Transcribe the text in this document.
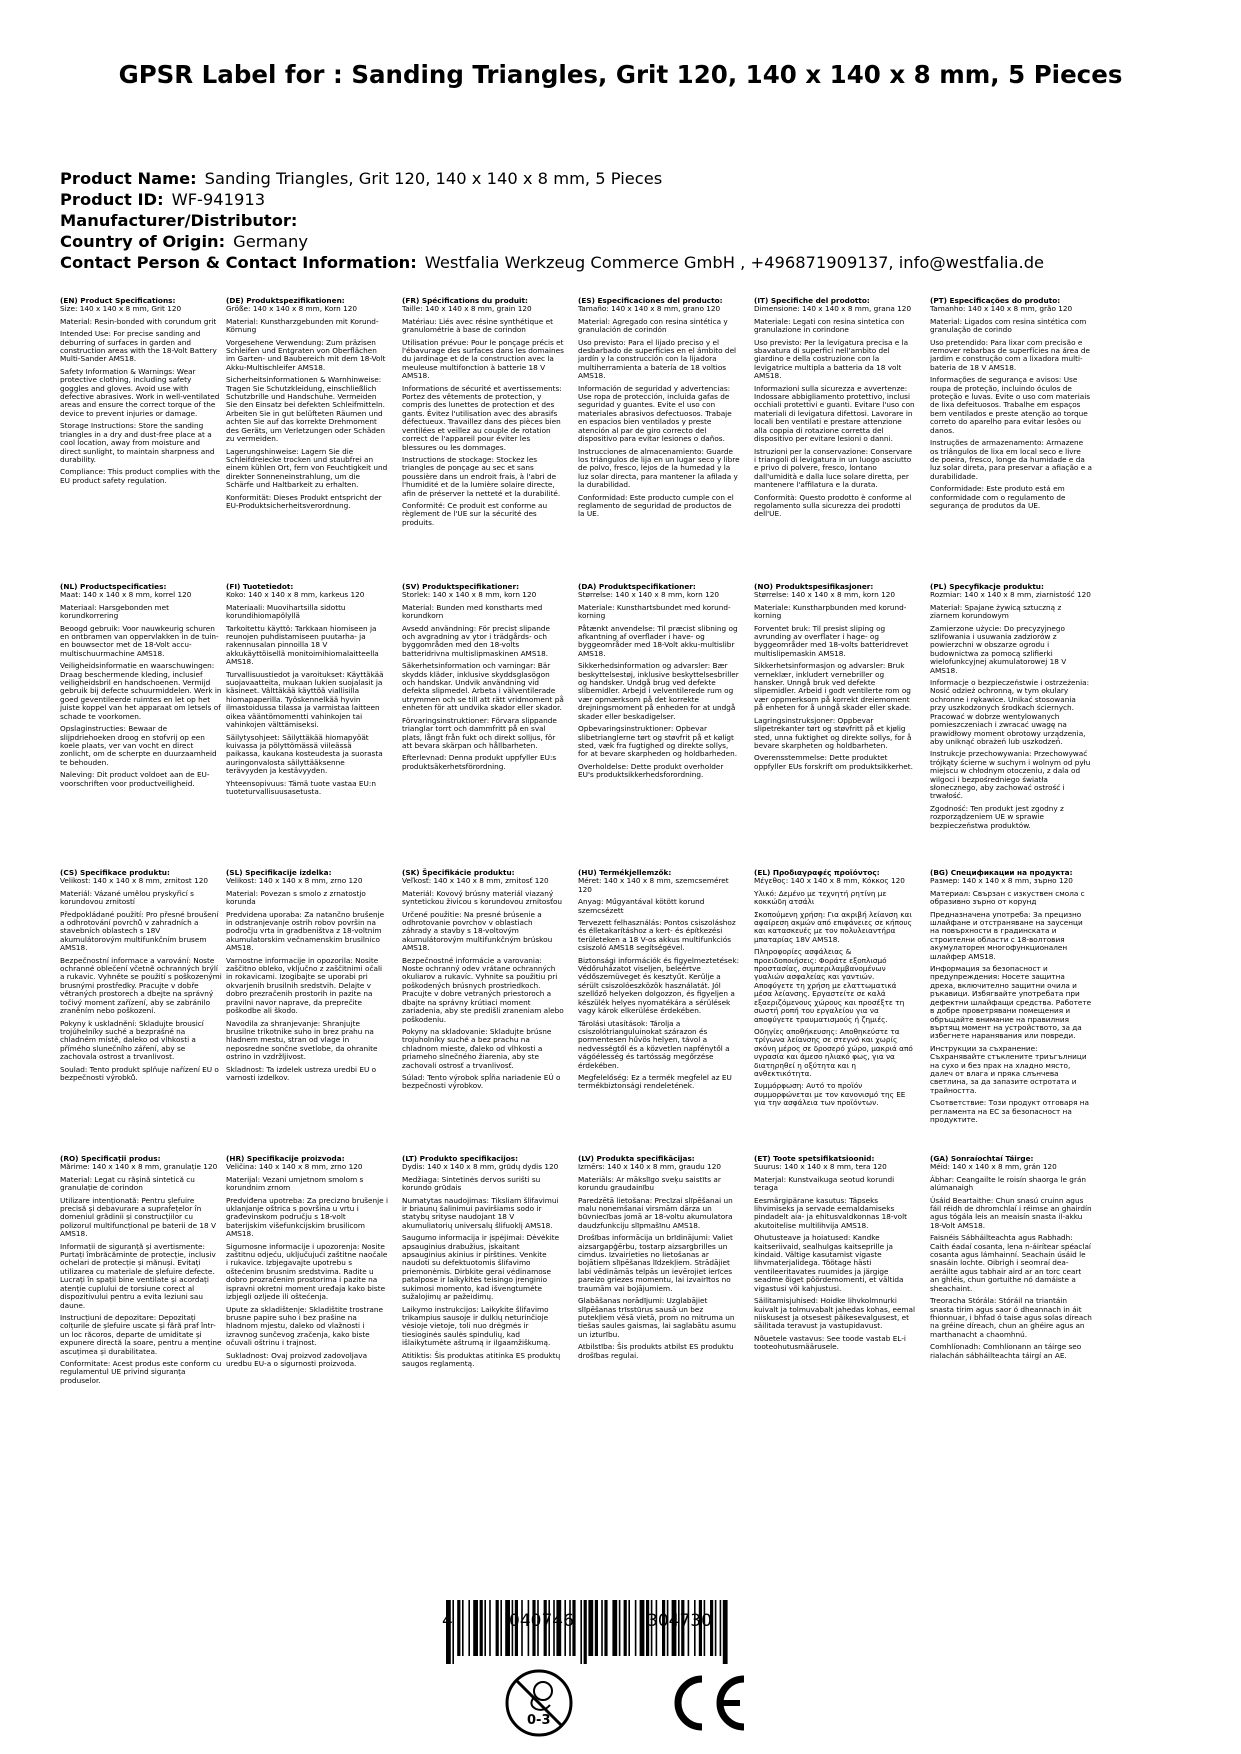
GPSR Label for : Sanding Triangles, Grit 120, 140 x 140 x 8 mm, 5 Pieces
Product Name: Sanding Triangles, Grit 120, 140 x 140 x 8 mm, 5 Pieces
Product ID: WF-941913
Manufacturer/Distributor:
Country of Origin: Germany
Contact Person & Contact Information: Westfalia Werkzeug Commerce GmbH , +496871909137, info@westfalia.de
(EN) Product Specifications:

Size: 140 x 140 x 8 mm, Grit 120

Material: Resin-bonded with corundum grit

Intended Use: For precise sanding and deburring of surfaces in garden and construction areas with the 18-Volt Battery Multi-Sander AMS18.

Safety Information & Warnings: Wear protective clothing, including safety goggles and gloves. Avoid use with defective abrasives. Work in well-ventilated areas and ensure the correct torque of the device to prevent injuries or damage.

Storage Instructions: Store the sanding triangles in a dry and dust-free place at a cool location, away from moisture and direct sunlight, to maintain sharpness and durability.

Compliance: This product complies with the EU product safety regulation.

(DE) Produktspezifikationen:

Größe: 140 x 140 x 8 mm, Korn 120

Material: Kunstharzgebunden mit Korund-Körnung

Vorgesehene Verwendung: Zum präzisen Schleifen und Entgraten von Oberflächen im Garten- und Baubereich mit dem 18-Volt Akku-Multischleifer AMS18.

Sicherheitsinformationen & Warnhinweise: Tragen Sie Schutzkleidung, einschließlich Schutzbrille und Handschuhe. Vermeiden Sie den Einsatz bei defekten Schleifmitteln. Arbeiten Sie in gut belüfteten Räumen und achten Sie auf das korrekte Drehmoment des Geräts, um Verletzungen oder Schäden zu vermeiden.

Lagerungshinweise: Lagern Sie die Schleifdreiecke trocken und staubfrei an einem kühlen Ort, fern von Feuchtigkeit und direkter Sonneneinstrahlung, um die Schärfe und Haltbarkeit zu erhalten.

Konformität: Dieses Produkt entspricht der EU-Produktsicherheitsverordnung.

(FR) Spécifications du produit:

Taille: 140 x 140 x 8 mm, grain 120

Matériau: Liés avec résine synthétique et granulométrie à base de corindon

Utilisation prévue: Pour le ponçage précis et l'ébavurage des surfaces dans les domaines du jardinage et de la construction avec la meuleuse multifonction à batterie 18 V AMS18.

Informations de sécurité et avertissements: Portez des vêtements de protection, y compris des lunettes de protection et des gants. Évitez l'utilisation avec des abrasifs défectueux. Travaillez dans des pièces bien ventilées et veillez au couple de rotation correct de l'appareil pour éviter les blessures ou les dommages.

Instructions de stockage: Stockez les triangles de ponçage au sec et sans poussière dans un endroit frais, à l'abri de l'humidité et de la lumière solaire directe, afin de préserver la netteté et la durabilité.

Conformité: Ce produit est conforme au règlement de l'UE sur la sécurité des produits.

(ES) Especificaciones del producto:

Tamaño: 140 x 140 x 8 mm, grano 120

Material: Agregado con resina sintética y granulación de corindón

Uso previsto: Para el lijado preciso y el desbarbado de superficies en el ámbito del jardín y la construcción con la lijadora multiherramienta a batería de 18 voltios AMS18.

Información de seguridad y advertencias: Use ropa de protección, incluida gafas de seguridad y guantes. Evite el uso con materiales abrasivos defectuosos. Trabaje en espacios bien ventilados y preste atención al par de giro correcto del dispositivo para evitar lesiones o daños.

Instrucciones de almacenamiento: Guarde los triángulos de lija en un lugar seco y libre de polvo, fresco, lejos de la humedad y la luz solar directa, para mantener la afilada y la durabilidad.

Conformidad: Este producto cumple con el reglamento de seguridad de productos de la UE.

(IT) Specifiche del prodotto:

Dimensione: 140 x 140 x 8 mm, grana 120

Materiale: Legati con resina sintetica con granulazione in corindone

Uso previsto: Per la levigatura precisa e la sbavatura di superfici nell'ambito del giardino e della costruzione con la levigatrice multipla a batteria da 18 volt AMS18.

Informazioni sulla sicurezza e avvertenze: Indossare abbigliamento protettivo, inclusi occhiali protettivi e guanti. Evitare l'uso con materiali di levigatura difettosi. Lavorare in locali ben ventilati e prestare attenzione alla coppia di rotazione corretta del dispositivo per evitare lesioni o danni.

Istruzioni per la conservazione: Conservare i triangoli di levigatura in un luogo asciutto e privo di polvere, fresco, lontano dall'umidità e dalla luce solare diretta, per mantenere l'affilatura e la durata.

Conformità: Questo prodotto è conforme al regolamento sulla sicurezza dei prodotti dell'UE.

(PT) Especificações do produto:

Tamanho: 140 x 140 x 8 mm, grão 120

Material: Ligados com resina sintética com granulação de corindo

Uso pretendido: Para lixar com precisão e remover rebarbas de superfícies na área de jardim e construção com a lixadora multi-bateria de 18 V AMS18.

Informações de segurança e avisos: Use roupa de proteção, incluindo óculos de proteção e luvas. Evite o uso com materiais de lixa defeituosos. Trabalhe em espaços bem ventilados e preste atenção ao torque correto do aparelho para evitar lesões ou danos.

Instruções de armazenamento: Armazene os triângulos de lixa em local seco e livre de poeira, fresco, longe da humidade e da luz solar direta, para preservar a afiação e a durabilidade.

Conformidade: Este produto está em conformidade com o regulamento de segurança de produtos da UE.

(NL) Productspecificaties:

Maat: 140 x 140 x 8 mm, korrel 120

Materiaal: Harsgebonden met korundkorrering

Beoogd gebruik: Voor nauwkeurig schuren en ontbramen van oppervlakken in de tuin- en bouwsector met de 18-Volt accu-multischuurmachine AMS18.

Veiligheidsinformatie en waarschuwingen: Draag beschermende kleding, inclusief veiligheidsbril en handschoenen. Vermijd gebruik bij defecte schuurmiddelen. Werk in goed geventileerde ruimtes en let op het juiste koppel van het apparaat om letsels of schade te voorkomen.

Opslaginstructies: Bewaar de slijpdriehoeken droog en stofvrij op een koele plaats, ver van vocht en direct zonlicht, om de scherpte en duurzaamheid te behouden.

Naleving: Dit product voldoet aan de EU-voorschriften voor productveiligheid.

(FI) Tuotetiedot:

Koko: 140 x 140 x 8 mm, karkeus 120

Materiaali: Muovihartsilla sidottu korundihiomapölyllä

Tarkoitettu käyttö: Tarkkaan hiomiseen ja reunojen puhdistamiseen puutarha- ja rakennusalan pinnoilla 18 V akkukäyttöisellä monitoimihiomalaitteella AMS18.

Turvallisuustiedot ja varoitukset: Käyttäkää suojavaatteita, mukaan lukien suojalasit ja käsineet. Välttäkää käyttöä viallisilla hiomapaperilla. Työskennelkää hyvin ilmastoidussa tilassa ja varmistaa laitteen oikea vääntömomentti vahinkojen tai vahinkojen välttämiseksi.

Säilytysohjeet: Säilyttäkää hiomapyöät kuivassa ja pölyttömässä viileässä paikassa, kaukana kosteudesta ja suorasta auringonvalosta säilyttääksenne terävyyden ja kestävyyden.

Yhteensopivuus: Tämä tuote vastaa EU:n tuoteturvallisuusasetusta.

(SV) Produktspecifikationer:

Storlek: 140 x 140 x 8 mm, korn 120

Material: Bunden med konstharts med korundkorn

Avsedd användning: För precist slipande och avgradning av ytor i trädgårds- och byggområden med den 18-volts batteridrivna multislipmaskinen AMS18.

Säkerhetsinformation och varningar: Bär skydds kläder, inklusive skyddsglasögon och handskar. Undvik användning vid defekta slipmedel. Arbeta i välventilerade utrymmen och se till att rätt vridmoment på enheten för att undvika skador eller skador.

Förvaringsinstruktioner: Förvara slippande trianglar torrt och dammfritt på en sval plats, långt från fukt och direkt solljus, för att bevara skärpan och hållbarheten.

Efterlevnad: Denna produkt uppfyller EU:s produktsäkerhetsförordning.

(DA) Produktspecifikationer:

Størrelse: 140 x 140 x 8 mm, korn 120

Materiale: Kunsthartsbundet med korund-korning

Påtænkt anvendelse: Til præcist slibning og afkantning af overflader i have- og byggeområder med 18-Volt akku-multislibr AMS18.

Sikkerhedsinformation og advarsler: Bær beskyttelsestøj, inklusive beskyttelsesbriller og handsker. Undgå brug ved defekte slibemidler. Arbejd i velventilerede rum og vær opmærksom på det korrekte drejningsmoment på enheden for at undgå skader eller beskadigelser.

Opbevaringsinstruktioner: Opbevar slibetrianglerne tørt og støvfrit på et køligt sted, væk fra fugtighed og direkte sollys, for at bevare skarpheden og holdbarheden.

Overholdelse: Dette produkt overholder EU's produktsikkerhedsforordning.

(NO) Produktspesifikasjoner:

Størrelse: 140 x 140 x 8 mm, korn 120

Materiale: Kunstharpbunden med korund-korning

Forventet bruk: Til presist sliping og avrunding av overflater i hage- og byggeområder med 18-volts batteridrevet multislipemaskin AMS18.

Sikkerhetsinformasjon og advarsler: Bruk verneklær, inkludert vernebriller og hansker. Unngå bruk ved defekte slipemidler. Arbeid i godt ventilerte rom og vær oppmerksom på korrekt dreiemoment på enheten for å unngå skader eller skade.

Lagringsinstruksjoner: Oppbevar slipetrekanter tørt og støvfritt på et kjølig sted, unna fuktighet og direkte sollys, for å bevare skarpheten og holdbarheten.

Overensstemmelse: Dette produktet oppfyller EUs forskrift om produktsikkerhet.

(PL) Specyfikacje produktu:

Rozmiar: 140 x 140 x 8 mm, ziarnistość 120

Materiał: Spajane żywicą sztuczną z ziarnem korundowym

Zamierzone użycie: Do precyzyjnego szlifowania i usuwania zadziorów z powierzchni w obszarze ogrodu i budownictwa za pomocą szlifierki wielofunkcyjnej akumulatorowej 18 V AMS18.

Informacje o bezpieczeństwie i ostrzeżenia: Nosić odzież ochronną, w tym okulary ochronne i rękawice. Unikać stosowania przy uszkodzonych środkach ściernych. Pracować w dobrze wentylowanych pomieszczeniach i zwracać uwagę na prawidłowy moment obrotowy urządzenia, aby uniknąć obrażeń lub uszkodzeń.

Instrukcje przechowywania: Przechowywać trójkąty ścierne w suchym i wolnym od pyłu miejscu w chłodnym otoczeniu, z dala od wilgoci i bezpośredniego światła słonecznego, aby zachować ostrość i trwałość.

Zgodność: Ten produkt jest zgodny z rozporządzeniem UE w sprawie bezpieczeństwa produktów.

(CS) Specifikace produktu:

Velikost: 140 x 140 x 8 mm, zrnitost 120

Materiál: Vázané umělou pryskyřicí s korundovou zrnitostí

Předpokládané použití: Pro přesné broušení a odhrotování povrchů v zahradních a stavebních oblastech s 18V akumulátorovým multifunkčním brusem AMS18.

Bezpečnostní informace a varování: Noste ochranné oblečení včetně ochranných brýlí a rukavic. Vyhněte se použití s poškozenými brusnými prostředky. Pracujte v dobře větraných prostorech a dbejte na správný točivý moment zařízení, aby se zabránilo zraněním nebo poškození.

Pokyny k uskladnění: Skladujte brousicí trojúhelníky suché a bezprašné na chladném místě, daleko od vlhkosti a přímého slunečního záření, aby se zachovala ostrost a trvanlivost.

Soulad: Tento produkt splňuje nařízení EU o bezpečnosti výrobků.

(SL) Specifikacije izdelka:

Velikost: 140 x 140 x 8 mm, zrno 120

Material: Povezan s smolo z zrnatostjo korunda

Predvidena uporaba: Za natančno brušenje in odstranjevanje ostrih robov površin na področju vrta in gradbeništva z 18-voltnim akumulatorskim večnamenskim brusilnico AMS18.

Varnostne informacije in opozorila: Nosite zaščitno obleko, vključno z zaščitnimi očali in rokavicami. Izogibajte se uporabi pri okvarjenih brusilnih sredstvih. Delajte v dobro prezračenih prostorih in pazite na pravilni navor naprave, da preprečite poškodbe ali škodo.

Navodila za shranjevanje: Shranjujte brusilne trikotnike suho in brez prahu na hladnem mestu, stran od vlage in neposredne sončne svetlobe, da ohranite ostrino in vzdržljivost.

Skladnost: Ta izdelek ustreza uredbi EU o varnosti izdelkov.

(SK) Špecifikácie produktu:

Veľkosť: 140 x 140 x 8 mm, zrnitosť 120

Materiál: Kovový brúsny materiál viazaný syntetickou živicou s korundovou zrnitosťou

Určené použitie: Na presné brúsenie a odhrotovanie povrchov v oblastiach záhrady a stavby s 18-voltovým akumulátorovým multifunkčným brúskou AMS18.

Bezpečnostné informácie a varovania: Noste ochranný odev vrátane ochranných okuliarov a rukavíc. Vyhnite sa použitiu pri poškodených brúsnych prostriedkoch. Pracujte v dobre vetraných priestoroch a dbajte na správny krútiaci moment zariadenia, aby ste predišli zraneniam alebo poškodeniu.

Pokyny na skladovanie: Skladujte brúsne trojuholníky suché a bez prachu na chladnom mieste, ďaleko od vlhkosti a priameho slnečného žiarenia, aby ste zachovali ostrosť a trvanlivosť.

Súlad: Tento výrobok spĺňa nariadenie EÚ o bezpečnosti výrobkov.

(HU) Termékjellemzők:

Méret: 140 x 140 x 8 mm, szemcseméret 120

Anyag: Műgyantával kötött korund szemcsézett

Tervezett felhasználás: Pontos csiszoláshoz és élletakarításhoz a kert- és építkezési területeken a 18 V-os akkus multifunkciós csiszoló AMS18 segítségével.

Biztonsági információk és figyelmeztetések: Védőruházatot viseljen, beleértve védőszemüveget és kesztyűt. Kerülje a sérült csiszolóeszközök használatát. Jól szellőző helyeken dolgozzon, és figyeljen a készülék helyes nyomatékára a sérülések vagy károk elkerülése érdekében.

Tárolási utasítások: Tárolja a csiszolótrianguluinokat szárazon és pormentesen hűvös helyen, távol a nedvességtől és a közvetlen napfénytől a vágóélesség és tartósság megőrzése érdekében.

Megfelelőség: Ez a termék megfelel az EU termékbiztonsági rendeletének.

(EL) Προδιαγραφές προϊόντος:

Μέγεθος: 140 x 140 x 8 mm, Κόκκος 120

Υλικό: Δεμένο με τεχνητή ρητίνη με κοκκώδη ατσάλι

Σκοπούμενη χρήση: Για ακριβή λείανση και αφαίρεση ακμών από επιφάνειες σε κήπους και κατασκευές με τον πολυλειαντήρα μπαταρίας 18V AMS18.

Πληροφορίες ασφάλειας & προειδοποιήσεις: Φοράτε εξοπλισμό προστασίας, συμπεριλαμβανομένων γυαλιών ασφαλείας και γαντιών. Αποφύγετε τη χρήση με ελαττωματικά μέσα λείανσης. Εργαστείτε σε καλά εξαεριζόμενους χώρους και προσέξτε τη σωστή ροπή του εργαλείου για να αποφύγετε τραυματισμούς ή ζημιές.

Οδηγίες αποθήκευσης: Αποθηκεύστε τα τρίγωνα λείανσης σε στεγνό και χωρίς σκόνη μέρος σε δροσερό χώρο, μακριά από υγρασία και άμεσο ηλιακό φως, για να διατηρηθεί η οξύτητα και η ανθεκτικότητα.

Συμμόρφωση: Αυτό το προϊόν συμμορφώνεται με τον κανονισμό της ΕΕ για την ασφάλεια των προϊόντων.

(BG) Спецификации на продукта:

Размер: 140 x 140 x 8 mm, зърно 120

Материал: Свързан с изкуствен смола с образивно зърно от корунд

Предназначена употреба: За прецизно шлайфане и отстраняване на заусенци на повърхности в градинската и строителни области с 18-волтовия акумулаторен многофункционален шлайфер AMS18.

Информация за безопасност и предупреждения: Носете защитна дреха, включително защитни очила и ръкавици. Избягвайте употребата при дефектни шлайфащи средства. Работете в добре проветрявани помещения и обръщайте внимание на правилния въртящ момент на устройството, за да избегнете наранявания или повреди.

Инструкции за съхранение: Съхранявайте стъклените триъгълници на сухо и без прах на хладно място, далеч от влага и пряка слънчева светлина, за да запазите остротата и трайността.

Съответствие: Този продукт отговаря на регламента на ЕС за безопасност на продуктите.

(RO) Specificații produs:

Mărime: 140 x 140 x 8 mm, granulație 120

Material: Legat cu rășină sintetică cu granulație de corindon

Utilizare intenționată: Pentru șlefuire precisă și debavurare a suprafețelor în domeniul grădinii și construcțiilor cu polizorul multifuncțional pe baterii de 18 V AMS18.

Informații de siguranță și avertismente: Purtați îmbrăcăminte de protecție, inclusiv ochelari de protecție și mănuși. Evitați utilizarea cu materiale de șlefuire defecte. Lucrați în spații bine ventilate și acordați atenție cuplului de torsiune corect al dispozitivului pentru a evita leziuni sau daune.

Instrucțiuni de depozitare: Depozitați colțurile de șlefuire uscate și fără praf într-un loc răcoros, departe de umiditate și expunere directă la soare, pentru a menține ascuțimea și durabilitatea.

Conformitate: Acest produs este conform cu regulamentul UE privind siguranța produselor.

(HR) Specifikacije proizvoda:

Veličina: 140 x 140 x 8 mm, zrno 120

Materijal: Vezani umjetnom smolom s korundnim zrnom

Predviđena upotreba: Za precizno brušenje i uklanjanje oštrica s površina u vrtu i građevinskom području s 18-volt baterijskim višefunkcijskim brusilicom AMS18.

Sigurnosne informacije i upozorenja: Nosite zaštitnu odjeću, uključujući zaštitne naočale i rukavice. Izbjegavajte upotrebu s oštećenim brusnim sredstvima. Radite u dobro prozračenim prostorima i pazite na ispravni okretni moment uređaja kako biste izbjegli ozljede ili oštećenja.

Upute za skladištenje: Skladištite trostrane brusne papire suho i bez prašine na hladnom mjestu, daleko od vlažnosti i izravnog sunčevog zračenja, kako biste očuvali oštrinu i trajnost.

Sukladnost: Ovaj proizvod zadovoljava uredbu EU-a o sigurnosti proizvoda.

(LT) Produkto specifikacijos:

Dydis: 140 x 140 x 8 mm, grūdų dydis 120

Medžiaga: Sintetinės dervos surišti su korundo grūdais

Numatytas naudojimas: Tiksliam šlifavimui ir briaunų šalinimui paviršiams sodo ir statybų srityse naudojant 18 V akumuliatorių universalų šlifuoklį AMS18.

Saugumo informacija ir įspėjimai: Dėvėkite apsauginius drabužius, įskaitant apsauginius akinius ir pirštines. Venkite naudoti su defektuotomis šlifavimo priemonėmis. Dirbkite gerai vėdinamose patalpose ir laikykitės teisingo įrenginio sukimosi momento, kad išvengtumėte sužalojimų ar pažeidimų.

Laikymo instrukcijos: Laikykite šlifavimo trikampius sausoje ir dulkių neturinčioje vėsioje vietoje, toli nuo drėgmės ir tiesioginės saulės spindulių, kad išlaikytumėte aštrumą ir ilgaamžiškumą.

Atitiktis: Šis produktas atitinka ES produktų saugos reglamentą.

(LV) Produkta specifikācijas:

Izmērs: 140 x 140 x 8 mm, graudu 120

Materiāls: Ar mākslīgo sveķu saistīts ar korundu graudainību

Paredzētā lietošana: Precīzai slīpēšanai un malu nonemšanai virsmām dārza un būvniecības jomā ar 18-voltu akumulatora daudzfunkciju slīpmašīnu AMS18.

Drošības informācija un brīdinājumi: Valiet aizsargapģērbu, tostarp aizsargbrilles un cimdus. Izvairieties no lietošanas ar bojātiem slīpēšanas līdzekļiem. Strādājiet labi vēdināmās telpās un ievērojiet ierīces pareizo griezes momentu, lai izvairītos no traumām vai bojājumiem.

Glabāšanas norādījumi: Uzglabājiet slīpēšanas trīsstūrus sausā un bez putekļiem vēsā vietā, prom no mitruma un tiešas saules gaismas, lai saglabātu asumu un izturību.

Atbilstība: Šis produkts atbilst ES produktu drošības regulai.

(ET) Toote spetsifikatsioonid:

Suurus: 140 x 140 x 8 mm, tera 120

Materjal: Kunstvaikuga seotud korundi teraga

Eesmärgipärane kasutus: Täpseks lihvimiseks ja servade eemaldamiseks pindadelt aia- ja ehitusvaldkonnas 18-volt akutoitelise multilihvija AMS18.

Ohutusteave ja hoiatused: Kandke kaitseriivaid, sealhulgas kaitseprille ja kindaid. Vältige kasutamist vigaste lihvmaterjalidega. Töötage hästi ventileeritavates ruumides ja järgige seadme õiget pöördemomenti, et vältida vigastusi või kahjustusi.

Säilitamisjuhised: Hoidke lihvkolmnurki kuivalt ja tolmuvabalt jahedas kohas, eemal niiskusest ja otsesest päikesevalgusest, et säilitada teravust ja vastupidavust.

Nõuetele vastavus: See toode vastab EL-i tooteohutusmäärusele.

(GA) Sonraíochtaí Táirge:

Méid: 140 x 140 x 8 mm, grán 120

Ábhar: Ceangailte le roisín shaorga le grán alúmanaigh

Úsáid Beartaithe: Chun snasú cruinn agus fáil réidh de dhromchlaí i réimse an ghairdín agus tógála leis an meaisín snasta il-akku 18-Volt AMS18.

Faisnéis Sábháilteachta agus Rabhadh: Caith éadaí cosanta, lena n-áirítear spéaclaí cosanta agus lámhainní. Seachain úsáid le snasáin lochte. Oibrigh i seomraí dea-aeráilte agus tabhair aird ar an torc ceart an ghléis, chun gortuithe nó damáiste a sheachaint.

Treoracha Stórála: Stóráil na triantáin snasta tirim agus saor ó dheannach in áit fhionnuar, i bhfad ó taise agus solas díreach na gréine díreach, chun an ghéire agus an marthanacht a chaomhnú.

Comhlíonadh: Comhlíonann an táirge seo rialachán sábháilteachta táirgí an AE.

4	040746	304730
0-3
